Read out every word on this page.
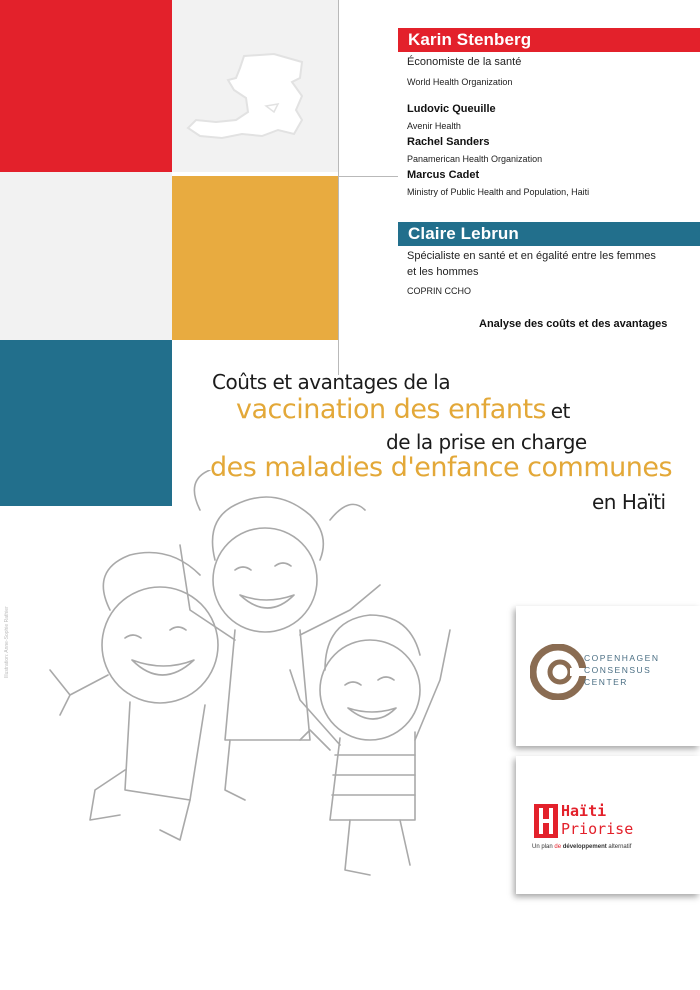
Karin Stenberg
Économiste de la santé
World Health Organization
Ludovic Queuille
Avenir Health
Rachel Sanders
Panamerican Health Organization
Marcus Cadet
Ministry of Public Health and Population, Haiti
Claire Lebrun
Spécialiste en santé et en égalité entre les femmes
et les hommes
COPRIN CCHO
Analyse des coûts et des avantages
Coûts et avantages de la
vaccination des enfants et
de la prise en charge
des maladies d'enfance communes
en Haïti
Illustration: Anne-Sophie Rathier	COPENHAGEN
CONSENSUS
CENTER
Haïti
Priorise
Un plan de développement alternatif
